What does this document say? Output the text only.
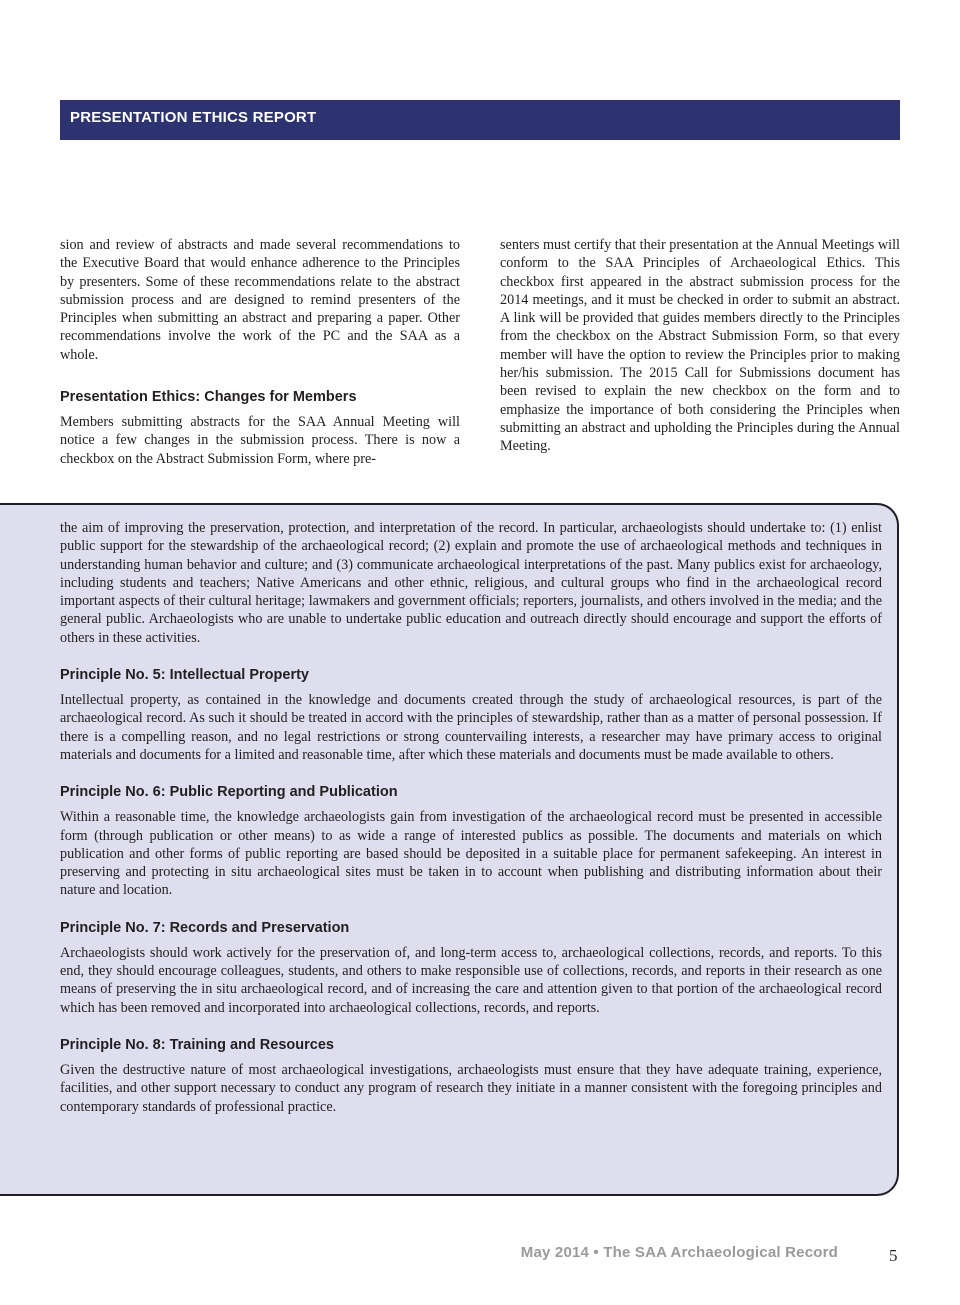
PRESENTATION ETHICS REPORT

sion and review of abstracts and made several recommendations to the Executive Board that would enhance adherence to the Principles by presenters. Some of these recommendations relate to the abstract submission process and are designed to remind presenters of the Principles when submitting an abstract and preparing a paper. Other recommendations involve the work of the PC and the SAA as a whole.

Presentation Ethics: Changes for Members

Members submitting abstracts for the SAA Annual Meeting will notice a few changes in the submission process. There is now a checkbox on the Abstract Submission Form, where pre-

senters must certify that their presentation at the Annual Meetings will conform to the SAA Principles of Archaeological Ethics. This checkbox first appeared in the abstract submission process for the 2014 meetings, and it must be checked in order to submit an abstract. A link will be provided that guides members directly to the Principles from the checkbox on the Abstract Submission Form, so that every member will have the option to review the Principles prior to making her/his submission. The 2015 Call for Submissions document has been revised to explain the new checkbox on the form and to emphasize the importance of both considering the Principles when submitting an abstract and upholding the Principles during the Annual Meeting.

the aim of improving the preservation, protection, and interpretation of the record. In particular, archaeologists should undertake to: (1) enlist public support for the stewardship of the archaeological record; (2) explain and promote the use of archaeological methods and techniques in understanding human behavior and culture; and (3) communicate archaeological interpretations of the past. Many publics exist for archaeology, including students and teachers; Native Americans and other ethnic, religious, and cultural groups who find in the archaeological record important aspects of their cultural heritage; lawmakers and government officials; reporters, journalists, and others involved in the media; and the general public. Archaeologists who are unable to undertake public education and outreach directly should encourage and support the efforts of others in these activities.

Principle No. 5: Intellectual Property

Intellectual property, as contained in the knowledge and documents created through the study of archaeological resources, is part of the archaeological record. As such it should be treated in accord with the principles of stewardship, rather than as a matter of personal possession. If there is a compelling reason, and no legal restrictions or strong countervailing interests, a researcher may have primary access to original materials and documents for a limited and reasonable time, after which these materials and documents must be made available to others.

Principle No. 6: Public Reporting and Publication

Within a reasonable time, the knowledge archaeologists gain from investigation of the archaeological record must be presented in accessible form (through publication or other means) to as wide a range of interested publics as possible. The documents and materials on which publication and other forms of public reporting are based should be deposited in a suitable place for permanent safekeeping. An interest in preserving and protecting in situ archaeological sites must be taken in to account when publishing and distributing information about their nature and location.

Principle No. 7: Records and Preservation

Archaeologists should work actively for the preservation of, and long-term access to, archaeological collections, records, and reports. To this end, they should encourage colleagues, students, and others to make responsible use of collections, records, and reports in their research as one means of preserving the in situ archaeological record, and of increasing the care and attention given to that portion of the archaeological record which has been removed and incorporated into archaeological collections, records, and reports.

Principle No. 8: Training and Resources

Given the destructive nature of most archaeological investigations, archaeologists must ensure that they have adequate training, experience, facilities, and other support necessary to conduct any program of research they initiate in a manner consistent with the foregoing principles and contemporary standards of professional practice.

May 2014 • The SAA Archaeological Record	5
